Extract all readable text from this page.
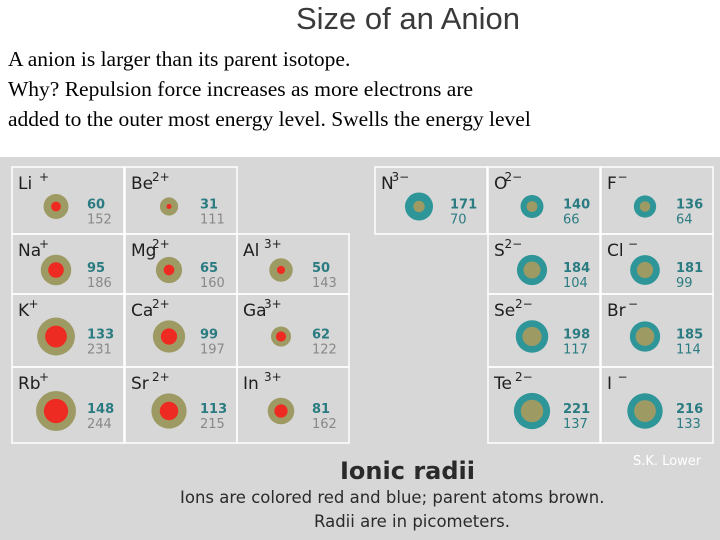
Size of an Anion
A anion is larger than its parent isotope.
Why? Repulsion force increases as more electrons are
added to the outer most energy level. Swells the energy level
Li +
60
152
Be
2+
31
111
Na
+
95
186
Mg
2+
65
160
Al 3+
50
143
K +
133
231
Ca
2+
99
197
Ga
3+
62
122
Rb
+
148
244
Sr 2+
113
215
In 3+
81
162
N
3−
171
70
O
2−
140
66
F −
136
64
S 2−
184
104
Cl −
181
99
Se 2−
198
117
Br −
185
114
Te 2−
221
137
I −
216
133
Ionic radii	S.K. Lower
Ions are colored red and blue; parent atoms brown.
Radii are in picometers.
